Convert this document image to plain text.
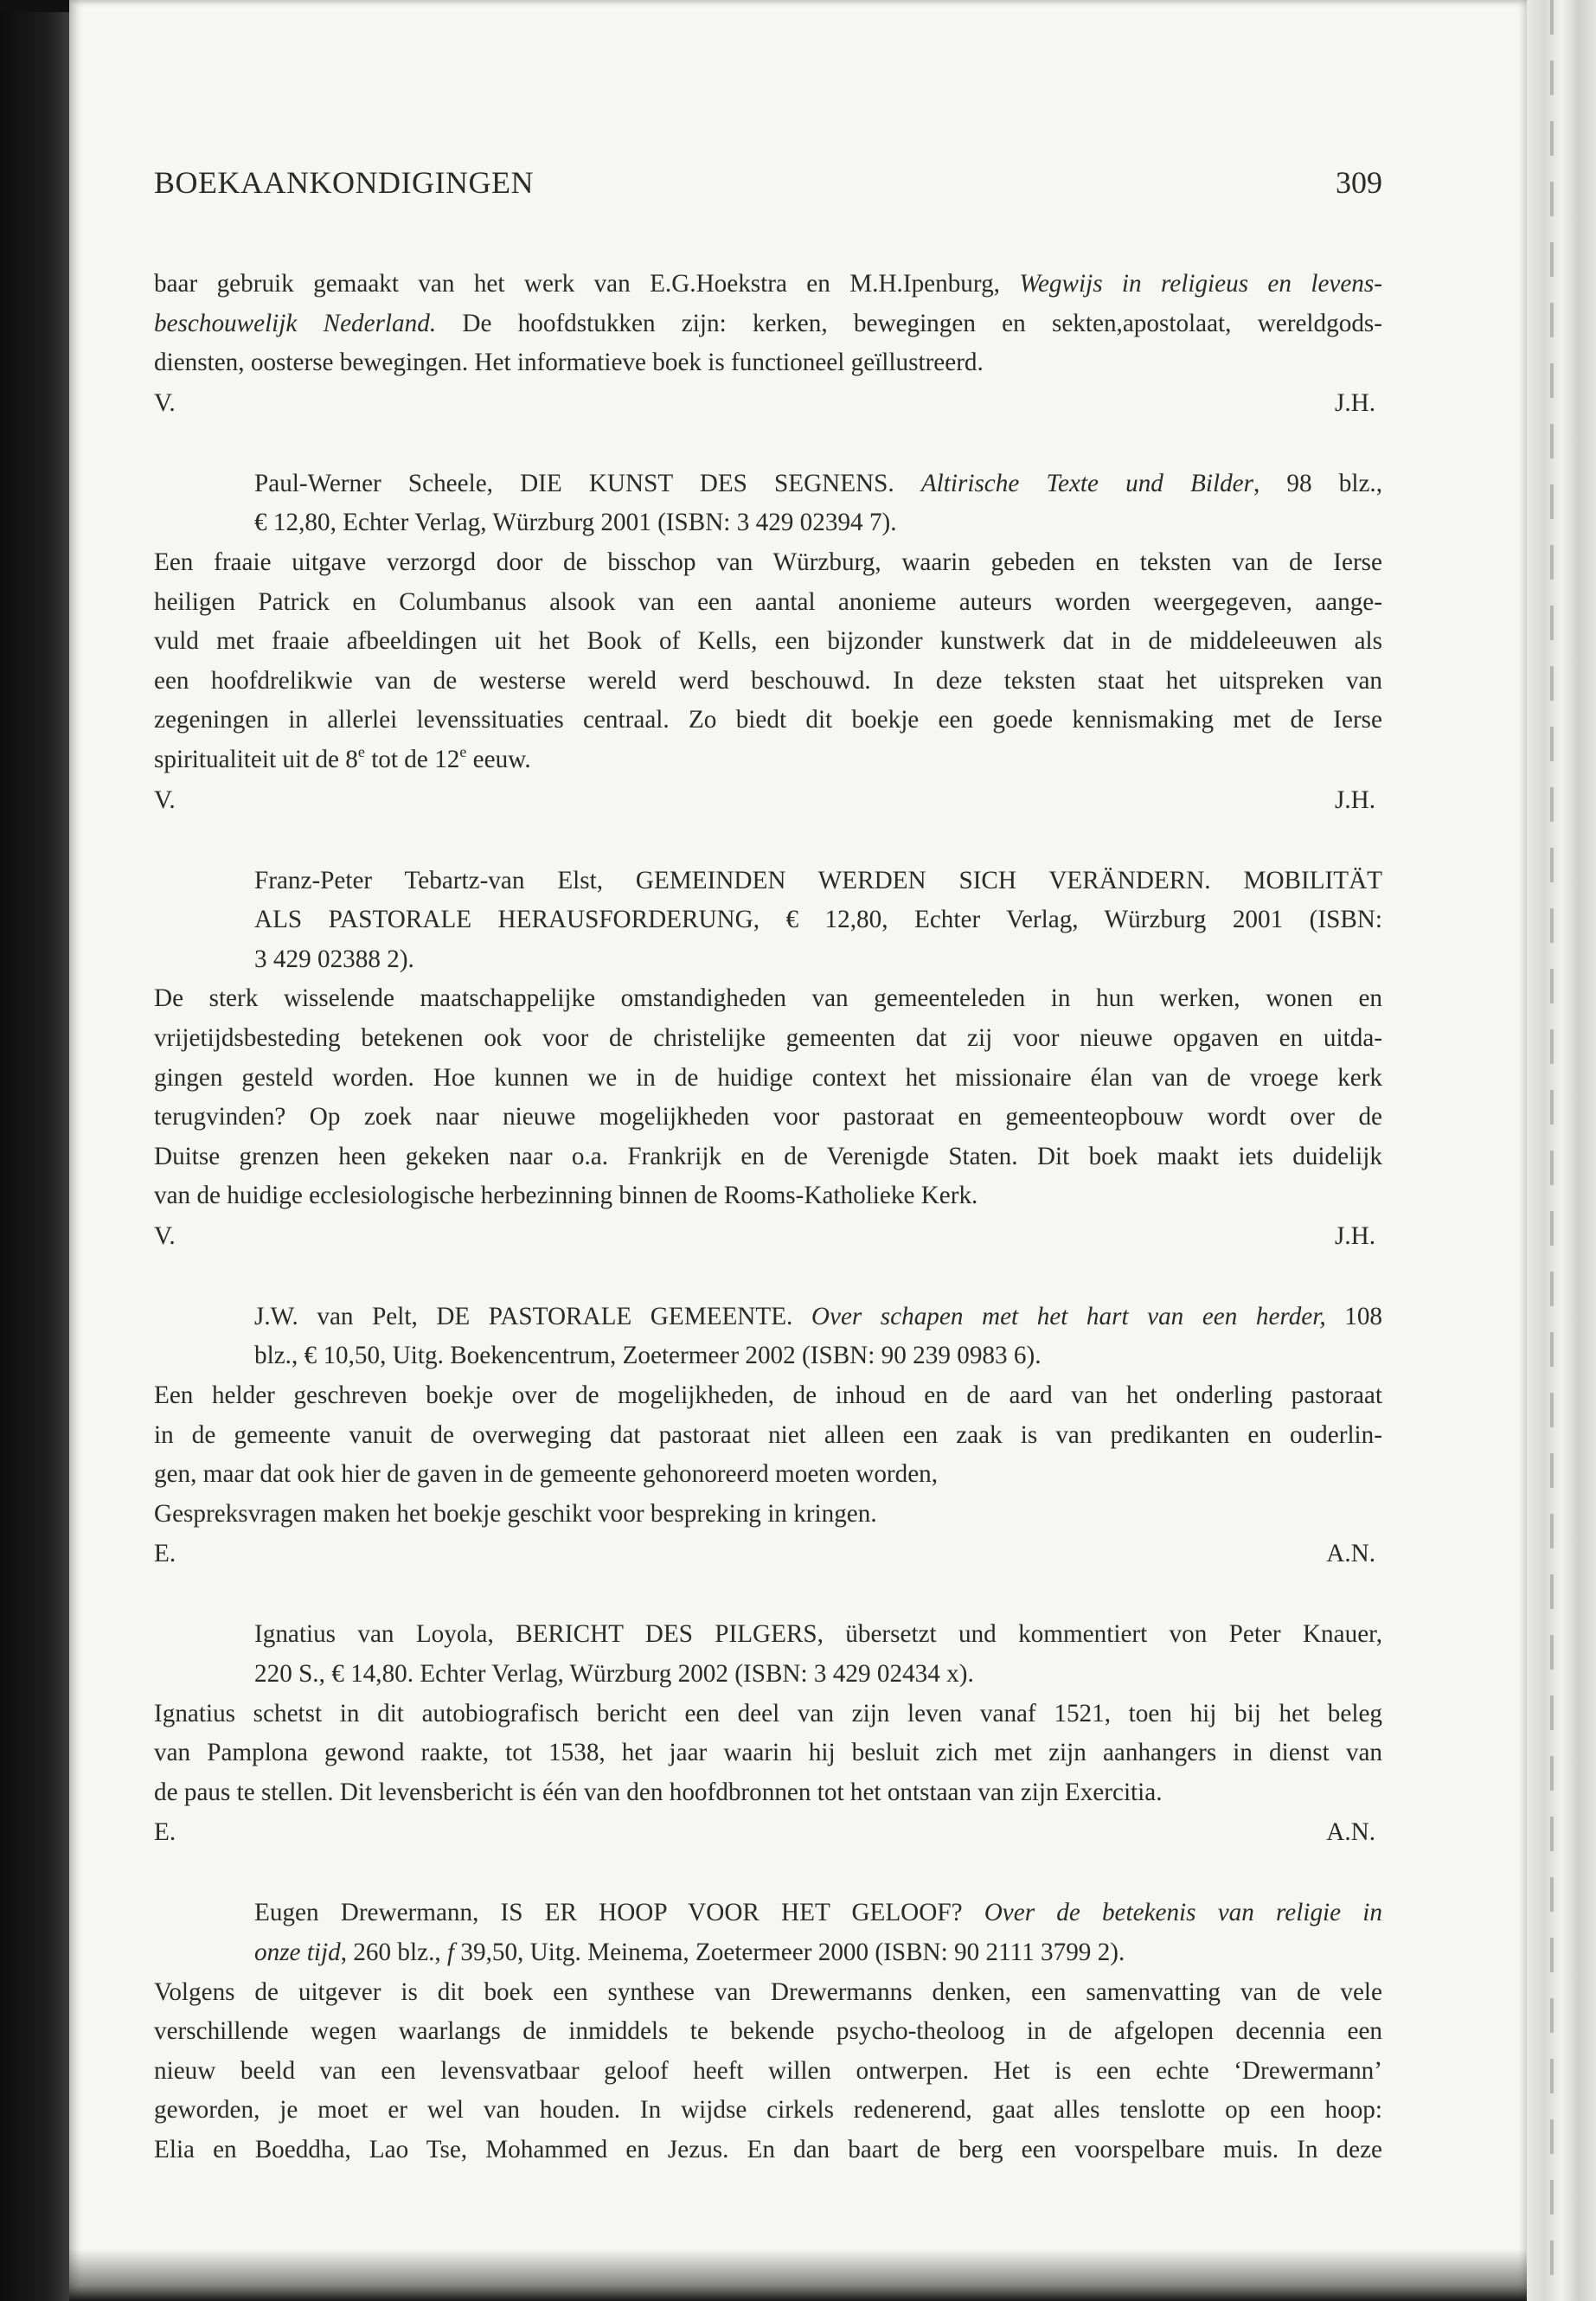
BOEKAANKONDIGINGEN	309

baar gebruik gemaakt van het werk van E.G.Hoekstra en M.H.Ipenburg, Wegwijs in religieus en levens-
beschouwelijk Nederland. De hoofdstukken zijn: kerken, bewegingen en sekten,apostolaat, wereldgods-
diensten, oosterse bewegingen. Het informatieve boek is functioneel geïllustreerd.

V.	J.H.

Paul-Werner Scheele, DIE KUNST DES SEGNENS. Altirische Texte und Bilder, 98 blz.,
€ 12,80, Echter Verlag, Würzburg 2001 (ISBN: 3 429 02394 7).

Een fraaie uitgave verzorgd door de bisschop van Würzburg, waarin gebeden en teksten van de Ierse
heiligen Patrick en Columbanus alsook van een aantal anonieme auteurs worden weergegeven, aange-
vuld met fraaie afbeeldingen uit het Book of Kells, een bijzonder kunstwerk dat in de middeleeuwen als
een hoofdrelikwie van de westerse wereld werd beschouwd. In deze teksten staat het uitspreken van
zegeningen in allerlei levenssituaties centraal. Zo biedt dit boekje een goede kennismaking met de Ierse
spiritualiteit uit de 8e tot de 12e eeuw.

V.	J.H.

Franz-Peter Tebartz-van Elst, GEMEINDEN WERDEN SICH VERÄNDERN. MOBILITÄT
ALS PASTORALE HERAUSFORDERUNG, € 12,80, Echter Verlag, Würzburg 2001 (ISBN:
3 429 02388 2).

De sterk wisselende maatschappelijke omstandigheden van gemeenteleden in hun werken, wonen en
vrijetijdsbesteding betekenen ook voor de christelijke gemeenten dat zij voor nieuwe opgaven en uitda-
gingen gesteld worden. Hoe kunnen we in de huidige context het missionaire élan van de vroege kerk
terugvinden? Op zoek naar nieuwe mogelijkheden voor pastoraat en gemeenteopbouw wordt over de
Duitse grenzen heen gekeken naar o.a. Frankrijk en de Verenigde Staten. Dit boek maakt iets duidelijk
van de huidige ecclesiologische herbezinning binnen de Rooms-Katholieke Kerk.

V.	J.H.

J.W. van Pelt, DE PASTORALE GEMEENTE. Over schapen met het hart van een herder, 108
blz., € 10,50, Uitg. Boekencentrum, Zoetermeer 2002 (ISBN: 90 239 0983 6).

Een helder geschreven boekje over de mogelijkheden, de inhoud en de aard van het onderling pastoraat
in de gemeente vanuit de overweging dat pastoraat niet alleen een zaak is van predikanten en ouderlin-
gen, maar dat ook hier de gaven in de gemeente gehonoreerd moeten worden,
Gespreksvragen maken het boekje geschikt voor bespreking in kringen.

E.	A.N.

Ignatius van Loyola, BERICHT DES PILGERS, übersetzt und kommentiert von Peter Knauer,
220 S., € 14,80. Echter Verlag, Würzburg 2002 (ISBN: 3 429 02434 x).

Ignatius schetst in dit autobiografisch bericht een deel van zijn leven vanaf 1521, toen hij bij het beleg
van Pamplona gewond raakte, tot 1538, het jaar waarin hij besluit zich met zijn aanhangers in dienst van
de paus te stellen. Dit levensbericht is één van den hoofdbronnen tot het ontstaan van zijn Exercitia.

E.	A.N.

Eugen Drewermann, IS ER HOOP VOOR HET GELOOF? Over de betekenis van religie in
onze tijd, 260 blz., f 39,50, Uitg. Meinema, Zoetermeer 2000 (ISBN: 90 2111 3799 2).

Volgens de uitgever is dit boek een synthese van Drewermanns denken, een samenvatting van de vele
verschillende wegen waarlangs de inmiddels te bekende psycho-theoloog in de afgelopen decennia een
nieuw beeld van een levensvatbaar geloof heeft willen ontwerpen. Het is een echte ‘Drewermann’
geworden, je moet er wel van houden. In wijdse cirkels redenerend, gaat alles tenslotte op een hoop:
Elia en Boeddha, Lao Tse, Mohammed en Jezus. En dan baart de berg een voorspelbare muis. In deze
